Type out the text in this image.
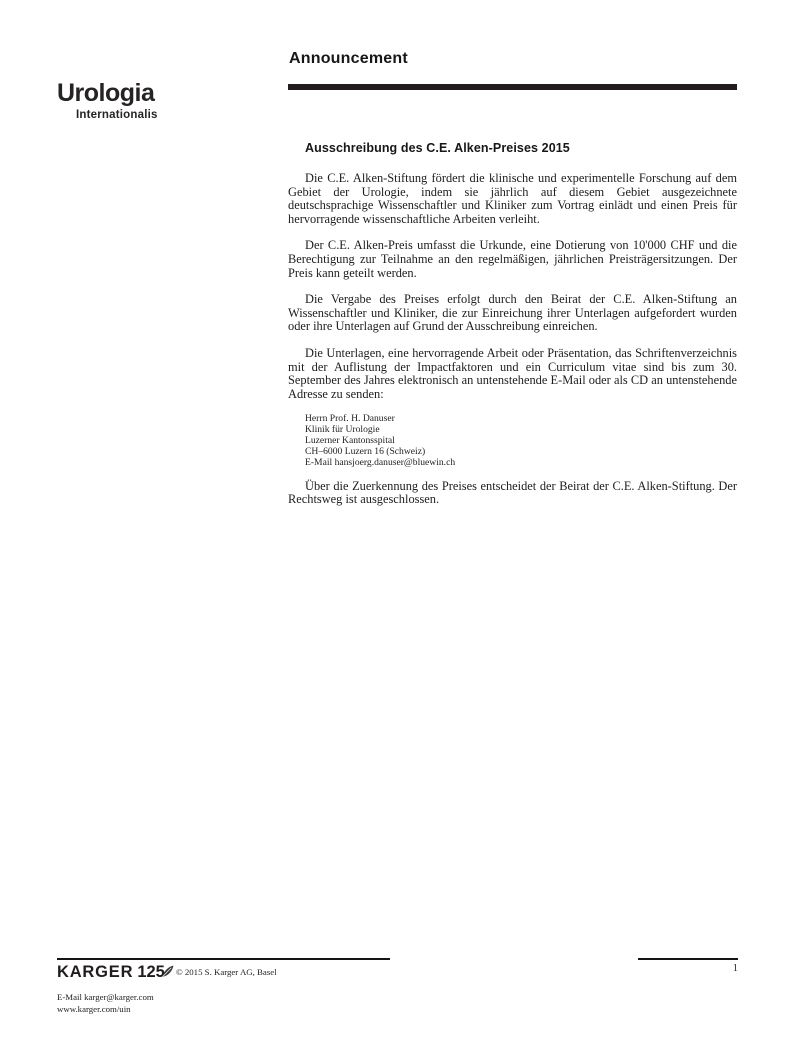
Announcement
Urologia
Internationalis
Ausschreibung des C.E. Alken-Preises 2015

Die C.E. Alken-Stiftung fördert die klinische und experimentelle Forschung auf dem Gebiet der Urologie, indem sie jährlich auf diesem Gebiet ausgezeichnete deutschsprachige Wissenschaftler und Kliniker zum Vortrag einlädt und einen Preis für hervorragende wissenschaftliche Arbeiten verleiht.

Der C.E. Alken-Preis umfasst die Urkunde, eine Dotierung von 10'000 CHF und die Berechtigung zur Teilnahme an den regelmäßigen, jährlichen Preisträgersitzungen. Der Preis kann geteilt werden.

Die Vergabe des Preises erfolgt durch den Beirat der C.E. Alken-Stiftung an Wissenschaftler und Kliniker, die zur Einreichung ihrer Unterlagen aufgefordert wurden oder ihre Unterlagen auf Grund der Ausschreibung einreichen.

Die Unterlagen, eine hervorragende Arbeit oder Präsentation, das Schriftenverzeichnis mit der Auflistung der Impactfaktoren und ein Curriculum vitae sind bis zum 30. September des Jahres elektronisch an untenstehende E-Mail oder als CD an untenstehende Adresse zu senden:

Herrn Prof. H. Danuser
Klinik für Urologie
Luzerner Kantonsspital
CH–6000 Luzern 16 (Schweiz)
E-Mail hansjoerg.danuser@bluewin.ch

Über die Zuerkennung des Preises entscheidet der Beirat der C.E. Alken-Stiftung. Der Rechtsweg ist ausgeschlossen.

KARGER 125	© 2015 S. Karger AG, Basel
E-Mail karger@karger.com
www.karger.com/uin
1
